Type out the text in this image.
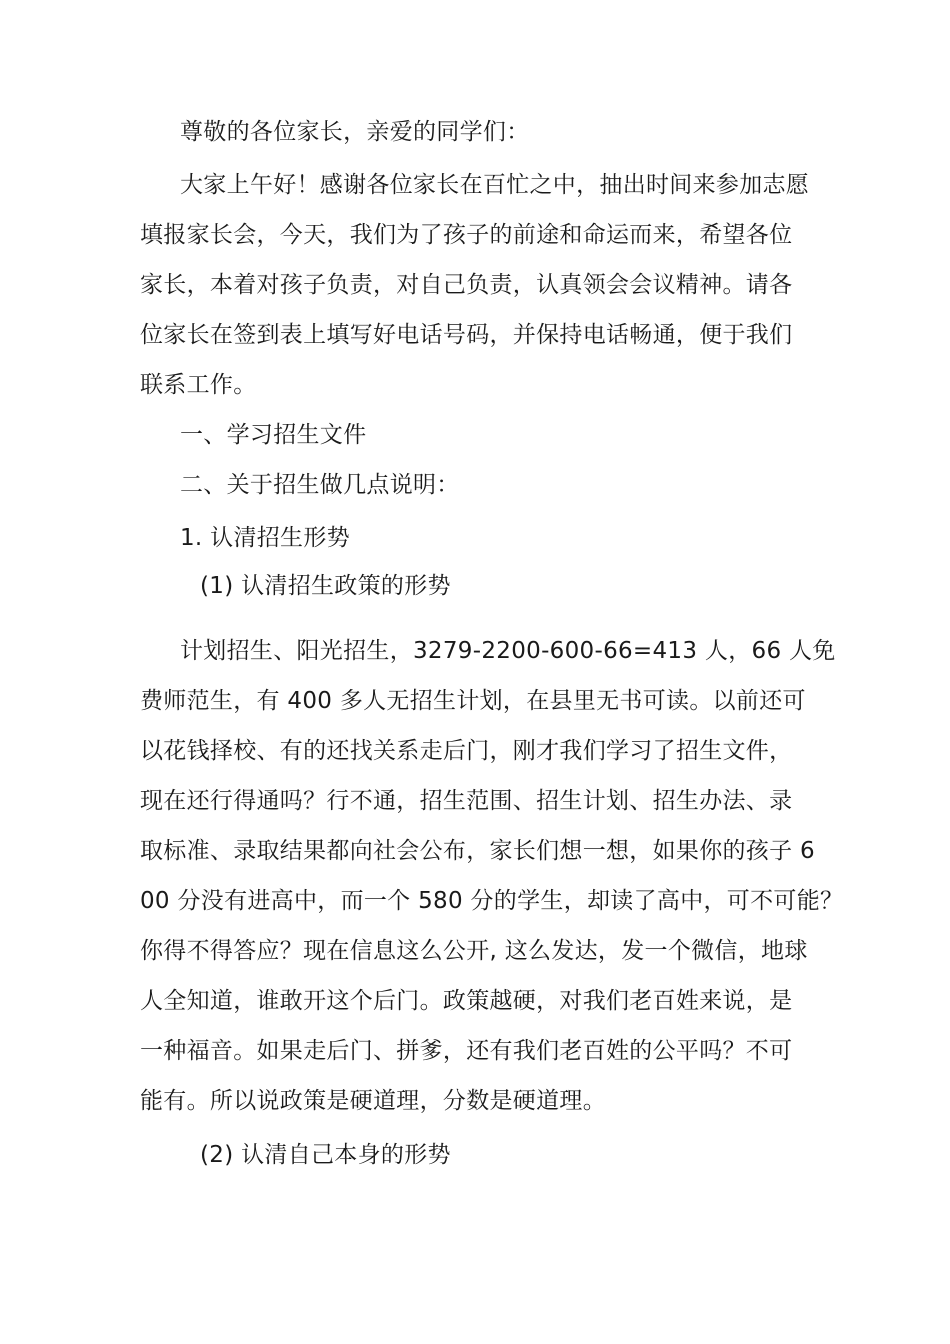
尊敬的各位家长，亲爱的同学们：
大家上午好！感谢各位家长在百忙之中，抽出时间来参加志愿
填报家长会，今天，我们为了孩子的前途和命运而来，希望各位
家长，本着对孩子负责，对自己负责，认真领会会议精神。请各
位家长在签到表上填写好电话号码，并保持电话畅通，便于我们
联系工作。
一、学习招生文件
二、关于招生做几点说明：
1. 认清招生形势
(1) 认清招生政策的形势
计划招生、阳光招生，3279-2200-600-66=413 人，66 人免
费师范生，有 400 多人无招生计划，在县里无书可读。以前还可
以花钱择校、有的还找关系走后门，刚才我们学习了招生文件，
现在还行得通吗？行不通，招生范围、招生计划、招生办法、录
取标准、录取结果都向社会公布，家长们想一想，如果你的孩子 6
00 分没有进高中，而一个 580 分的学生，却读了高中，可不可能？
你得不得答应？现在信息这么公开, 这么发达，发一个微信，地球
人全知道，谁敢开这个后门。政策越硬，对我们老百姓来说，是
一种福音。如果走后门、拼爹，还有我们老百姓的公平吗？不可
能有。所以说政策是硬道理，分数是硬道理。
(2) 认清自己本身的形势
